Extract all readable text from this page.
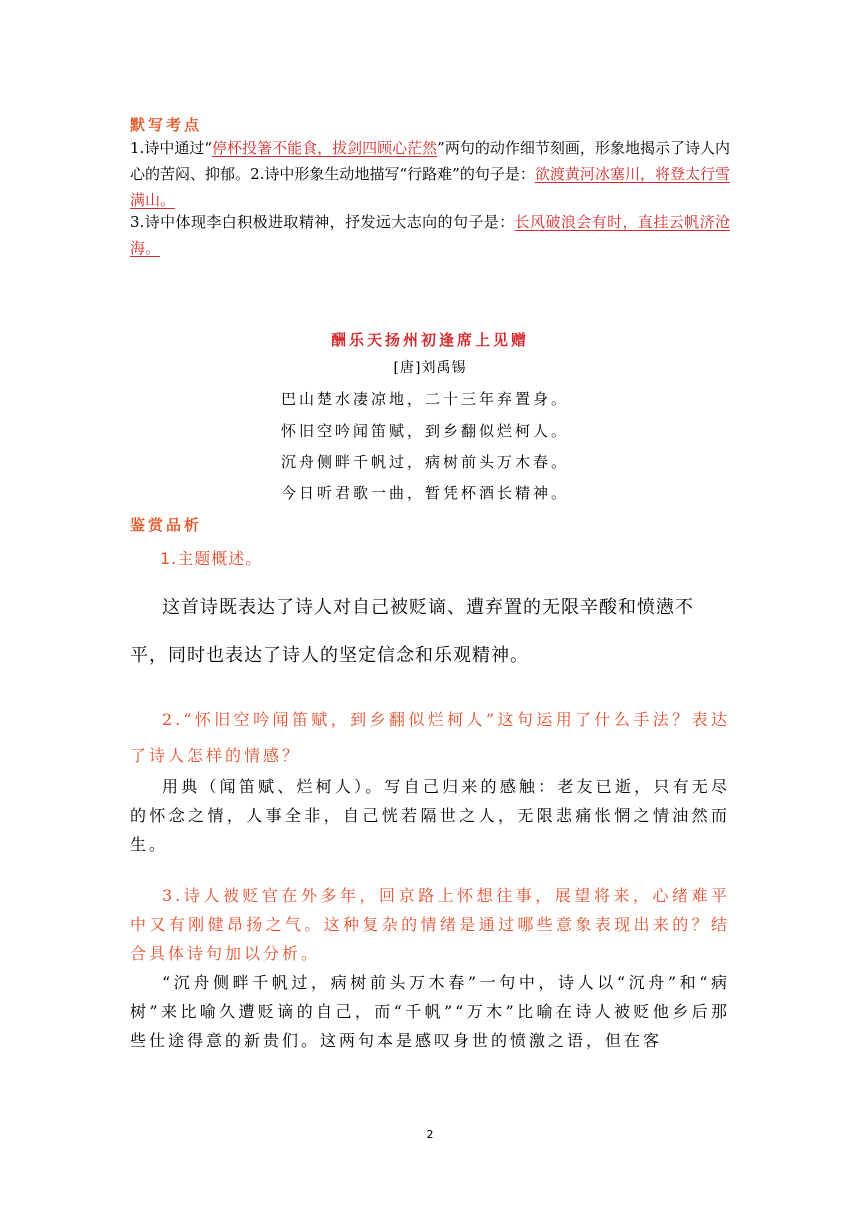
默写考点
1.诗中通过“停杯投箸不能食，拔剑四顾心茫然”两句的动作细节刻画，形象地揭示了诗人内心的苦闷、抑郁。2.诗中形象生动地描写“行路难”的句子是：欲渡黄河冰塞川，将登太行雪满山。
3.诗中体现李白积极进取精神，抒发远大志向的句子是：长风破浪会有时，直挂云帆济沧海。
酬乐天扬州初逢席上见赠
[唐]刘禹锡
巴山楚水凄凉地，二十三年弃置身。
怀旧空吟闻笛赋，到乡翻似烂柯人。
沉舟侧畔千帆过，病树前头万木春。
今日听君歌一曲，暂凭杯酒长精神。
鉴赏品析
1.主题概述。
这首诗既表达了诗人对自己被贬谪、遭弃置的无限辛酸和愤懑不平，同时也表达了诗人的坚定信念和乐观精神。
2.“怀旧空吟闻笛赋，到乡翻似烂柯人”这句运用了什么手法？表达了诗人怎样的情感？
用典（闻笛赋、烂柯人）。写自己归来的感触：老友已逝，只有无尽的怀念之情，人事全非，自己恍若隔世之人，无限悲痛怅惘之情油然而生。
3.诗人被贬官在外多年，回京路上怀想往事，展望将来，心绪难平中又有刚健昂扬之气。这种复杂的情绪是通过哪些意象表现出来的？结合具体诗句加以分析。
“沉舟侧畔千帆过，病树前头万木春”一句中，诗人以“沉舟”和“病树”来比喻久遭贬谪的自己，而“千帆”“万木”比喻在诗人被贬他乡后那些仕途得意的新贵们。这两句本是感叹身世的愤激之语，但在客
2
